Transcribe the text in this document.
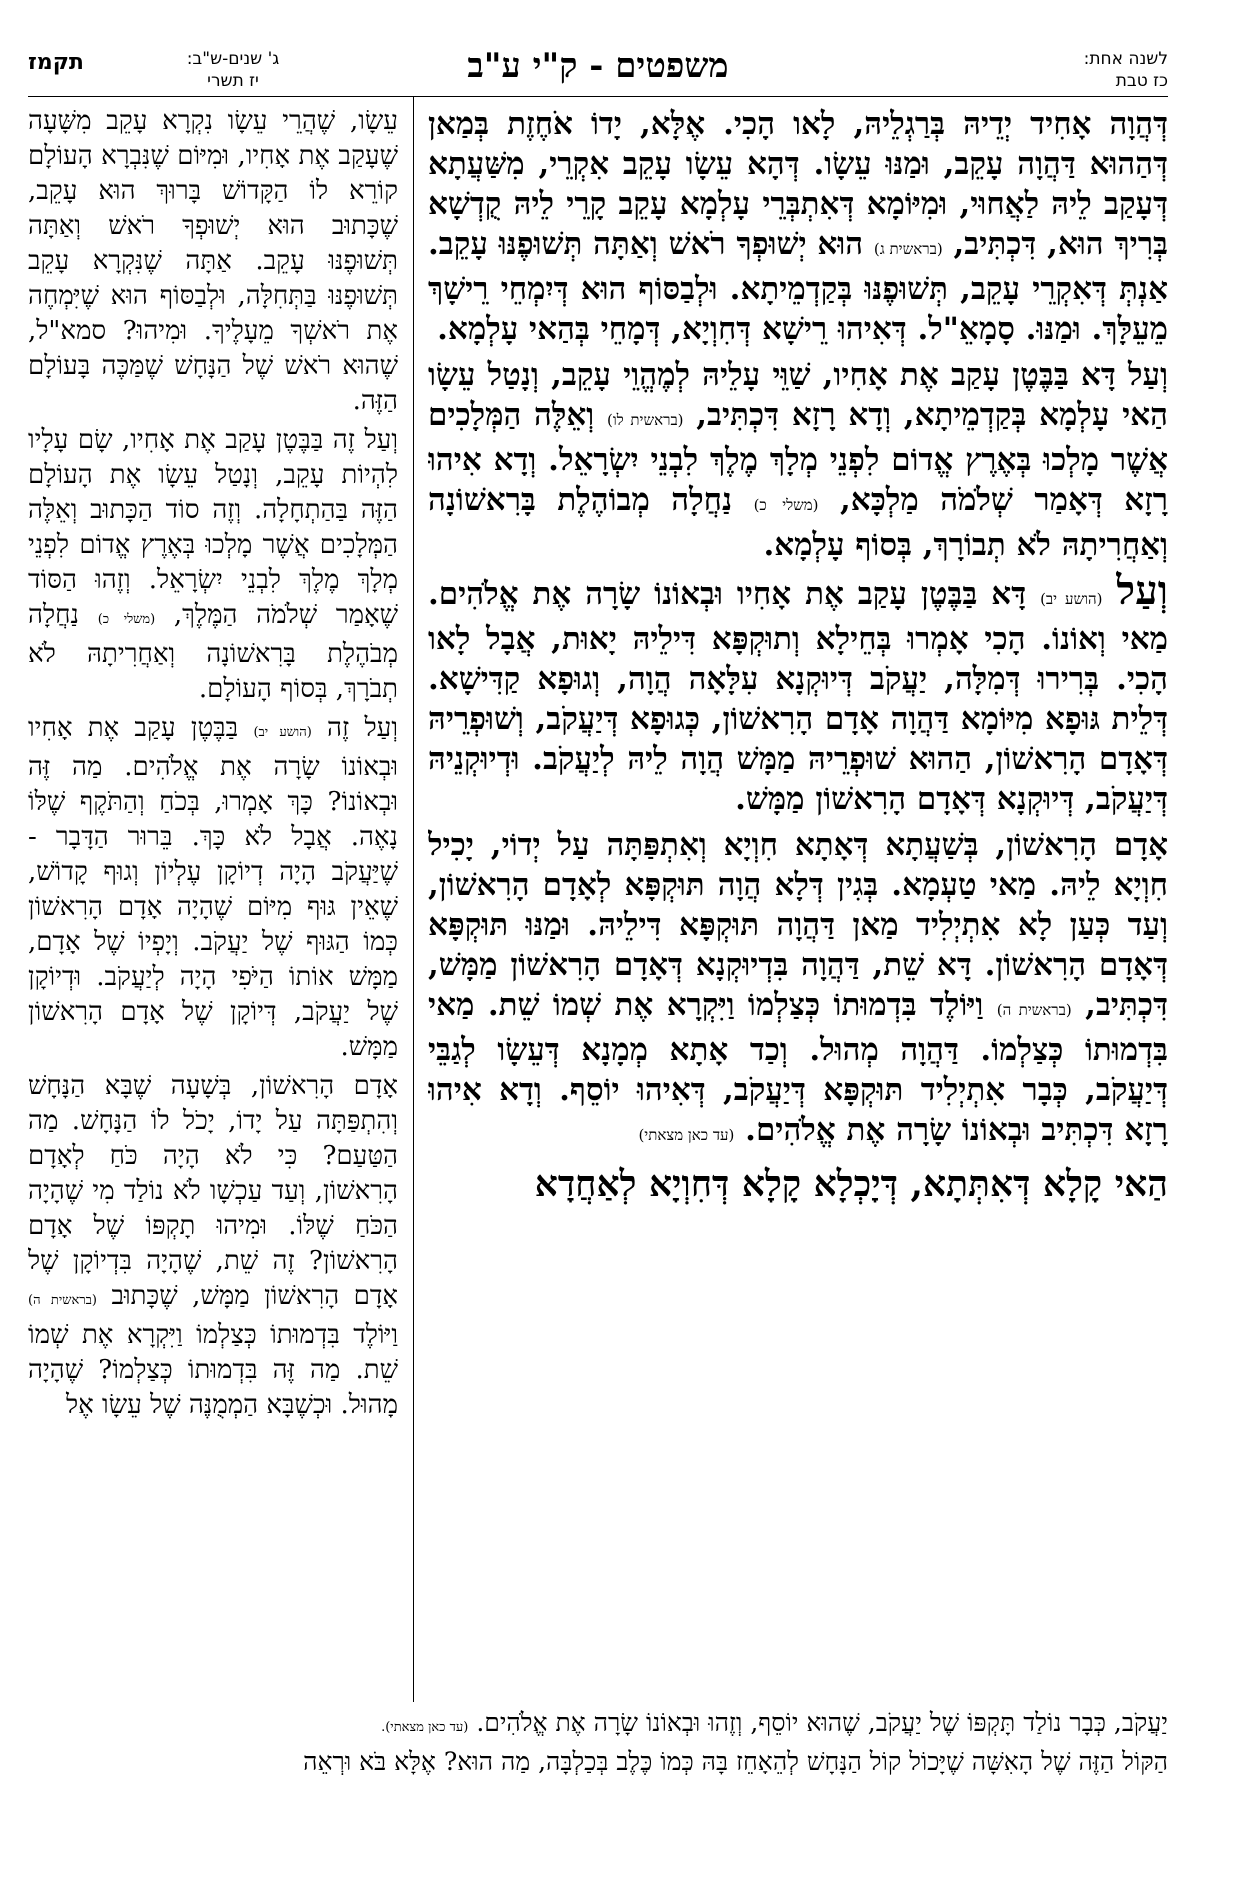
לשנה אחת:
כז טבת
משפטים - ק"י ע"ב
ג' שנים-ש"ב:
יז תשרי
תקמז

דְּהֲוָה אָחִיד יְדֵיהּ בְּרַגְלֵיהּ, לָאו הָכִי. אֶלָּא, יָדוֹ אֹחֶזֶת בְּמַאן דְּהַהוּא דַּהֲוָה עָקֵב, וּמַנּוּ עֵשָׂו. דְּהָא עֵשָׂו עָקֵב אִקְרֵי, מִשַּׁעֲתָא דְּעָקַב לֵיהּ לַאֲחוּי, וּמִיּוֹמָא דְּאִתְבְּרֵי עָלְמָא עָקֵב קָרֵי לֵיהּ קֻדְשָׁא בְּרִיךְ הוּא, דִּכְתִּיב, (בראשית ג) הוּא יְשׁוּפְךָ רֹאשׁ וְאַתָּה תְּשׁוּפֶנּוּ עָקֵב. אַנְתְּ דְּאִקְרֵי עָקֵב, תְּשׁוּפֶנּוּ בְּקַדְמֵיתָא. וּלְבַסּוֹף הוּא דְּיִמְחֵי רֵישָׁךְ מֵעֵלָּךְ. וּמַנּוּ. סָמָאֵ"ל. דְּאִיהוּ רֵישָׁא דְּחִוְיָא, דְּמָחֵי בְּהַאי עָלְמָא.

וְעַל דָּא בַּבֶּטֶן עָקַב אֶת אָחִיו, שַׁוֵּי עָלֵיהּ לְמֶהֱוֵי עָקֵב, וְנָטַל עֵשָׂו הַאי עָלְמָא בְּקַדְמֵיתָא, וְדָא רָזָא דִּכְתִּיב, (בראשית לו) וְאֵלֶּה הַמְּלָכִים אֲשֶׁר מָלְכוּ בְּאֶרֶץ אֱדוֹם לִפְנֵי מְלָךְ מֶלֶךְ לִבְנֵי יִשְׂרָאֵל. וְדָא אִיהוּ רָזָא דְּאָמַר שְׁלֹמֹה מַלְכָּא, (משלי כ) נַחֲלָה מְבוֹהֶלֶת בָּרִאשׁוֹנָה וְאַחֲרִיתָהּ לֹא תְבוֹרָךְ, בְּסוֹף עָלְמָא.

וְעַל (הושע יב) דָּא בַּבֶּטֶן עָקַב אֶת אָחִיו וּבְאוֹנוֹ שָׂרָה אֶת אֱלֹהִים. מַאי וְאוֹנוֹ. הָכִי אָמְרוּ בְּחֵילָא וְתוּקְפָּא דִּילֵיהּ יָאוּת, אֲבָל לָאו הָכִי. בְּרִירוּ דְּמִלָּה, יַעֲקֹב דְּיוּקְנָא עִלָּאָה הֲוָה, וְגוּפָא קַדִּישָׁא. דְּלֵית גּוּפָא מִיּוֹמָא דַּהֲוָה אָדָם הָרִאשׁוֹן, כְּגוּפָא דְּיַעֲקֹב, וְשׁוּפְרֵיהּ דְּאָדָם הָרִאשׁוֹן, הַהוּא שׁוּפְרֵיהּ מַמָּשׁ הֲוָה לֵיהּ לְיַעֲקֹב. וּדְיוּקְנֵיהּ דְּיַעֲקֹב, דְּיוּקְנָא דְּאָדָם הָרִאשׁוֹן מַמָּשׁ.

אָדָם הָרִאשׁוֹן, בְּשַׁעֲתָא דְּאָתָא חִוְיָא וְאִתְפַּתָּה עַל יְדוֹי, יָכִיל חִוְיָא לֵיהּ. מַאי טַעְמָא. בְּגִין דְּלָא הֲוָה תּוּקְפָּא לְאָדָם הָרִאשׁוֹן, וְעַד כְּעַן לָא אִתְיְלִיד מַאן דַּהֲוָה תּוּקְפָּא דִּילֵיהּ. וּמַנּוּ תּוּקְפָּא דְּאָדָם הָרִאשׁוֹן. דָּא שֵׁת, דַּהֲוָה בִּדְיוּקְנָא דְּאָדָם הָרִאשׁוֹן מַמָּשׁ, דִּכְתִּיב, (בראשית ה) וַיּוֹלֶד בִּדְמוּתוֹ כְּצַלְמוֹ וַיִּקְרָא אֶת שְׁמוֹ שֵׁת. מַאי בִּדְמוּתוֹ כְּצַלְמוֹ. דַּהֲוָה מְהוּל. וְכַד אָתָא מְמָנָא דְּעֵשָׂו לְגַבֵּי דְּיַעֲקֹב, כְּבָר אִתְיְלִיד תּוּקְפָּא דְּיַעֲקֹב, דְּאִיהוּ יוֹסֵף. וְדָא אִיהוּ רָזָא דִּכְתִּיב וּבְאוֹנוֹ שָׂרָה אֶת אֱלֹהִים. (עד כאן מצאתי)

הַאי קָלָא דְּאִתְּתָא, דְּיָכְלָא קָלָא דְּחִוְיָא לְאַחֲדָא

עֵשָׂו, שֶׁהֲרֵי עֵשָׂו נִקְרָא עָקֵב מִשָּׁעָה שֶׁעָקַב אֶת אָחִיו, וּמִיּוֹם שֶׁנִּבְרָא הָעוֹלָם קוֹרֵא לוֹ הַקָּדוֹשׁ בָּרוּךְ הוּא עָקֵב, שֶׁכָּתוּב הוּא יְשׁוּפְךָ רֹאשׁ וְאַתָּה תְּשׁוּפֶנּוּ עָקֵב. אַתָּה שֶׁנִּקְרָא עָקֵב תְּשׁוּפֶנּוּ בַּתְּחִלָּה, וּלְבַסּוֹף הוּא שֶׁיִּמְחֶה אֶת רֹאשְׁךָ מֵעָלֶיךָ. וּמִיהוּ? סמא"ל, שֶׁהוּא רֹאשׁ שֶׁל הַנָּחָשׁ שֶׁמַּכֶּה בָּעוֹלָם הַזֶּה.

וְעַל זֶה בַּבֶּטֶן עָקַב אֶת אָחִיו, שָׂם עָלָיו לִהְיוֹת עָקֵב, וְנָטַל עֵשָׂו אֶת הָעוֹלָם הַזֶּה בַּהַתְחָלָה. וְזֶה סוֹד הַכָּתוּב וְאֵלֶּה הַמְּלָכִים אֲשֶׁר מָלְכוּ בְּאֶרֶץ אֱדוֹם לִפְנֵי מְלָךְ מֶלֶךְ לִבְנֵי יִשְׂרָאֵל. וְזֶהוּ הַסּוֹד שֶׁאָמַר שְׁלֹמֹה הַמֶּלֶךְ, (משלי כ) נַחֲלָה מְבֹהֶלֶת בָּרִאשׁוֹנָה וְאַחֲרִיתָהּ לֹא תְבֹרָךְ, בְּסוֹף הָעוֹלָם.

וְעַל זֶה (הושע יב) בַּבֶּטֶן עָקַב אֶת אָחִיו וּבְאוֹנוֹ שָׂרָה אֶת אֱלֹהִים. מַה זֶּה וּבְאוֹנוֹ? כָּךְ אָמְרוּ, בְּכֹחַ וְהַתֹּקֶף שֶׁלּוֹ נָאֶה. אֲבָל לֹא כָּךְ. בֵּרוּר הַדָּבָר - שֶׁיַּעֲקֹב הָיָה דְיוֹקָן עֶלְיוֹן וְגוּף קָדוֹשׁ, שֶׁאֵין גּוּף מִיּוֹם שֶׁהָיָה אָדָם הָרִאשׁוֹן כְּמוֹ הַגּוּף שֶׁל יַעֲקֹב. וְיָפְיוֹ שֶׁל אָדָם, מַמָּשׁ אוֹתוֹ הַיֹּפִי הָיָה לְיַעֲקֹב. וּדְיוֹקָן שֶׁל יַעֲקֹב, דְּיוֹקָן שֶׁל אָדָם הָרִאשׁוֹן מַמָּשׁ.

אָדָם הָרִאשׁוֹן, בְּשָׁעָה שֶׁבָּא הַנָּחָשׁ וְהִתְפַּתָּה עַל יָדוֹ, יָכֹל לוֹ הַנָּחָשׁ. מַה הַטַּעַם? כִּי לֹא הָיָה כֹּחַ לְאָדָם הָרִאשׁוֹן, וְעַד עַכְשָׁו לֹא נוֹלַד מִי שֶׁהָיָה הַכֹּחַ שֶׁלּוֹ. וּמִיהוּ תָקְפּוֹ שֶׁל אָדָם הָרִאשׁוֹן? זֶה שֵׁת, שֶׁהָיָה בִּדְיוֹקָן שֶׁל אָדָם הָרִאשׁוֹן מַמָּשׁ, שֶׁכָּתוּב (בראשית ה) וַיּוֹלֶד בִּדְמוּתוֹ כְּצַלְמוֹ וַיִּקְרָא אֶת שְׁמוֹ שֵׁת. מַה זֶּה בִּדְמוּתוֹ כְּצַלְמוֹ? שֶׁהָיָה מָהוּל. וּכְשֶׁבָּא הַמְמֻנֶּה שֶׁל עֵשָׂו אֶל

יַעֲקֹב, כְּבָר נוֹלַד תָּקְפּוֹ שֶׁל יַעֲקֹב, שֶׁהוּא יוֹסֵף, וְזֶהוּ וּבְאוֹנוֹ שָׂרָה אֶת אֱלֹהִים. (עד כאן מצאתי).

הַקּוֹל הַזֶּה שֶׁל הָאִשָּׁה שֶׁיָּכוֹל קוֹל הַנָּחָשׁ לְהֵאָחֵז בָּהּ כְּמוֹ כֶּלֶב בְּכַלְבָּה, מַה הוּא? אֶלָּא בֹּא וּרְאֵה
